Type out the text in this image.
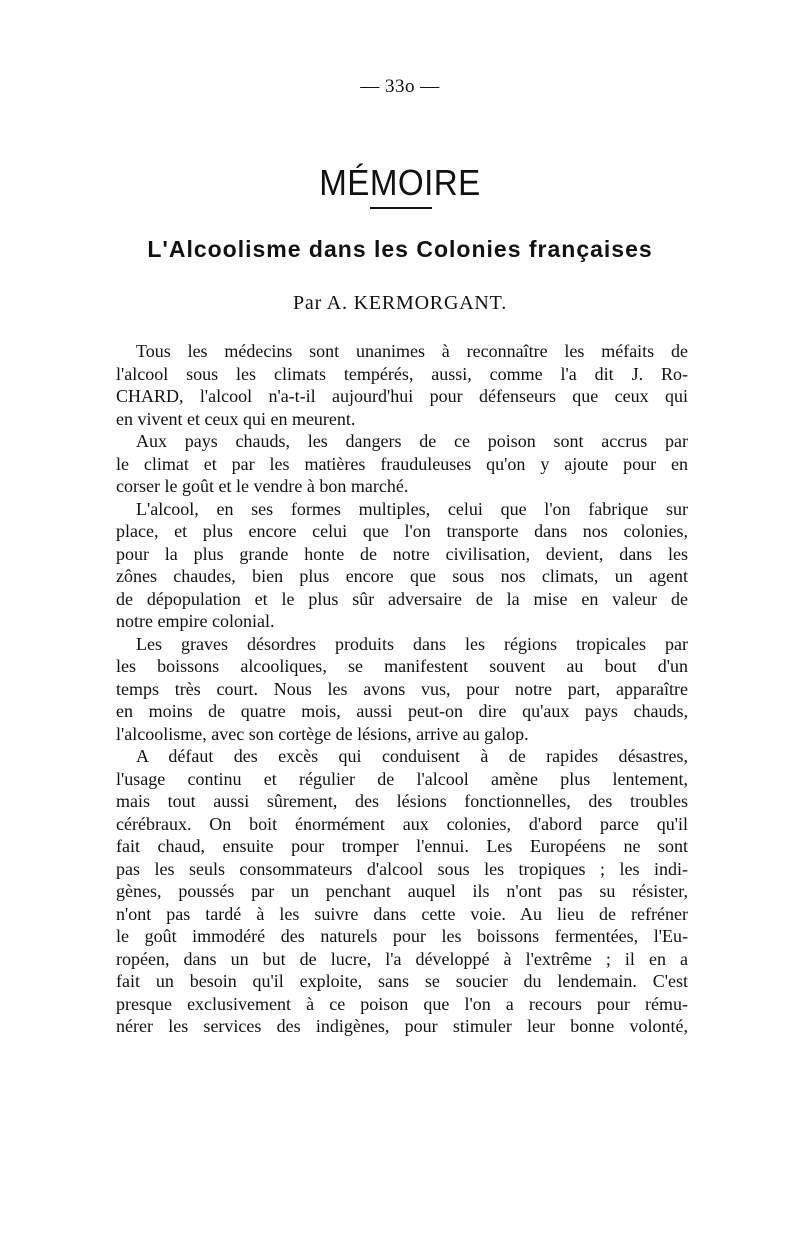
— 33o —
MÉMOIRE
L'Alcoolisme dans les Colonies françaises
Par A. KERMORGANT.
Tous les médecins sont unanimes à reconnaître les méfaits de
l'alcool sous les climats tempérés, aussi, comme l'a dit J. Ro-
CHARD, l'alcool n'a-t-il aujourd'hui pour défenseurs que ceux qui
en vivent et ceux qui en meurent.
Aux pays chauds, les dangers de ce poison sont accrus par
le climat et par les matières frauduleuses qu'on y ajoute pour en
corser le goût et le vendre à bon marché.
L'alcool, en ses formes multiples, celui que l'on fabrique sur
place, et plus encore celui que l'on transporte dans nos colonies,
pour la plus grande honte de notre civilisation, devient, dans les
zônes chaudes, bien plus encore que sous nos climats, un agent
de dépopulation et le plus sûr adversaire de la mise en valeur de
notre empire colonial.
Les graves désordres produits dans les régions tropicales par
les boissons alcooliques, se manifestent souvent au bout d'un
temps très court. Nous les avons vus, pour notre part, apparaître
en moins de quatre mois, aussi peut-on dire qu'aux pays chauds,
l'alcoolisme, avec son cortège de lésions, arrive au galop.
A défaut des excès qui conduisent à de rapides désastres,
l'usage continu et régulier de l'alcool amène plus lentement,
mais tout aussi sûrement, des lésions fonctionnelles, des troubles
cérébraux. On boit énormément aux colonies, d'abord parce qu'il
fait chaud, ensuite pour tromper l'ennui. Les Européens ne sont
pas les seuls consommateurs d'alcool sous les tropiques ; les indi-
gènes, poussés par un penchant auquel ils n'ont pas su résister,
n'ont pas tardé à les suivre dans cette voie. Au lieu de refréner
le goût immodéré des naturels pour les boissons fermentées, l'Eu-
ropéen, dans un but de lucre, l'a développé à l'extrême ; il en a
fait un besoin qu'il exploite, sans se soucier du lendemain. C'est
presque exclusivement à ce poison que l'on a recours pour rému-
nérer les services des indigènes, pour stimuler leur bonne volonté,
